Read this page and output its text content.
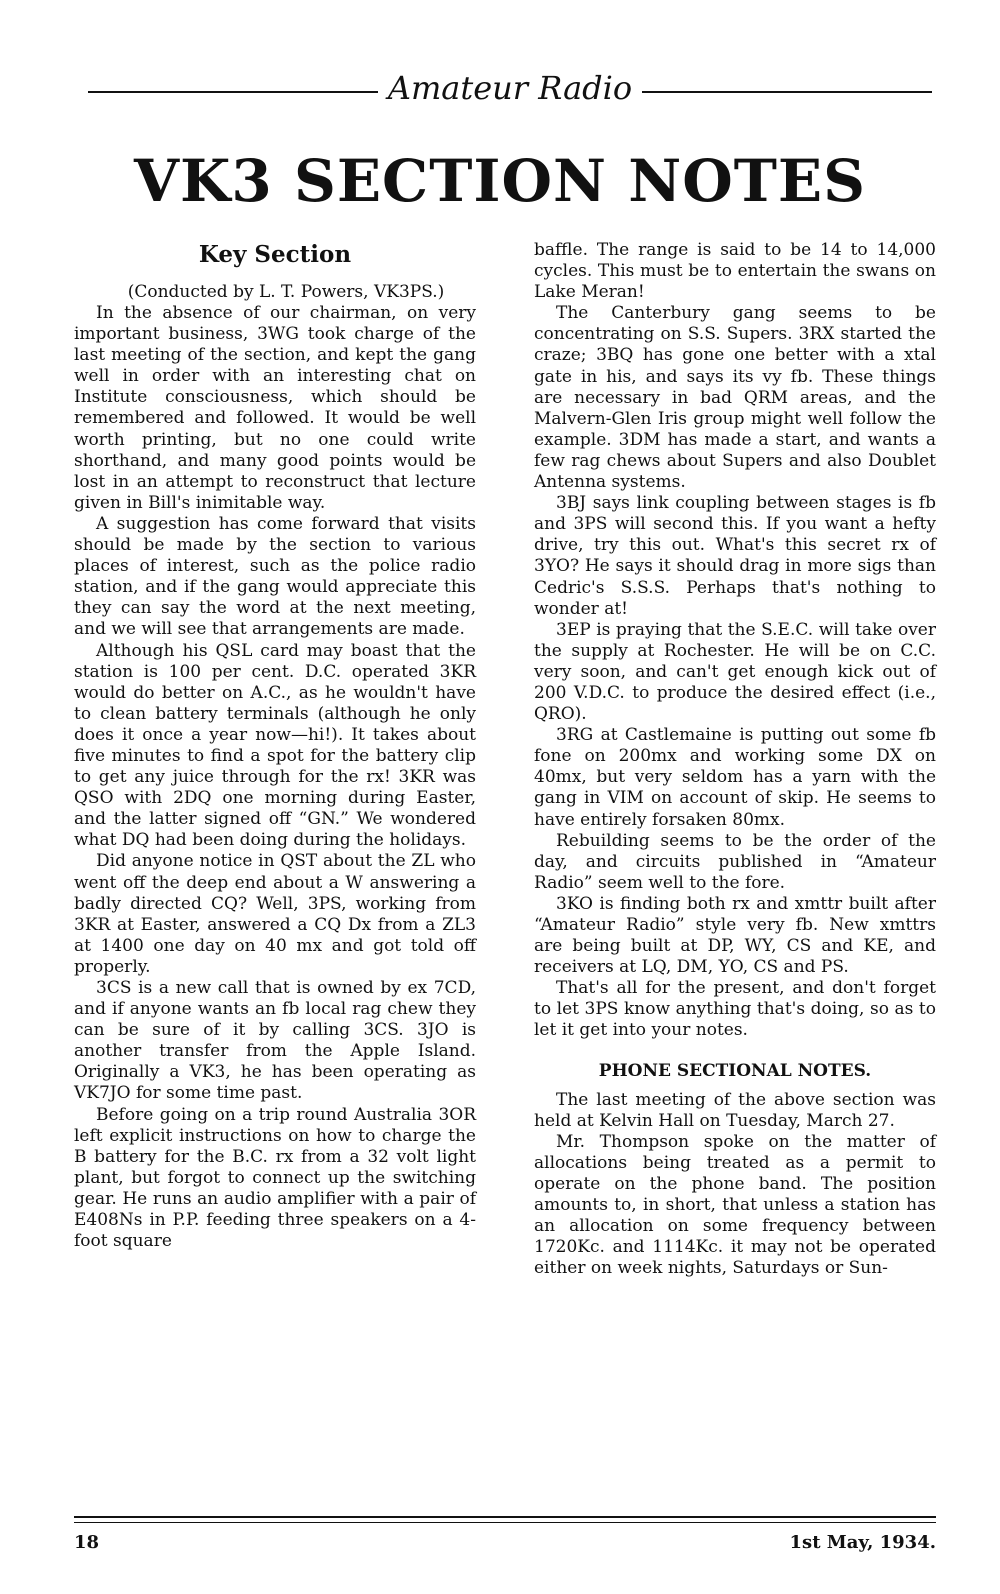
Amateur Radio
VK3 SECTION NOTES
Key Section

(Conducted by L. T. Powers, VK3PS.)

In the absence of our chairman, on very important business, 3WG took charge of the last meeting of the section, and kept the gang well in order with an interesting chat on Institute consciousness, which should be remembered and followed. It would be well worth printing, but no one could write shorthand, and many good points would be lost in an attempt to reconstruct that lecture given in Bill's inimitable way.

A suggestion has come forward that visits should be made by the section to various places of interest, such as the police radio station, and if the gang would appreciate this they can say the word at the next meeting, and we will see that arrangements are made.

Although his QSL card may boast that the station is 100 per cent. D.C. operated 3KR would do better on A.C., as he wouldn't have to clean battery terminals (although he only does it once a year now—hi!). It takes about five minutes to find a spot for the battery clip to get any juice through for the rx! 3KR was QSO with 2DQ one morning during Easter, and the latter signed off “GN.” We wondered what DQ had been doing during the holidays.

Did anyone notice in QST about the ZL who went off the deep end about a W answering a badly directed CQ? Well, 3PS, working from 3KR at Easter, answered a CQ Dx from a ZL3 at 1400 one day on 40 mx and got told off properly.

3CS is a new call that is owned by ex 7CD, and if anyone wants an fb local rag chew they can be sure of it by calling 3CS. 3JO is another transfer from the Apple Island. Originally a VK3, he has been operating as VK7JO for some time past.

Before going on a trip round Australia 3OR left explicit instructions on how to charge the B battery for the B.C. rx from a 32 volt light plant, but forgot to connect up the switching gear. He runs an audio amplifier with a pair of E408Ns in P.P. feeding three speakers on a 4-foot square

baffle. The range is said to be 14 to 14,000 cycles. This must be to entertain the swans on Lake Meran!

The Canterbury gang seems to be concentrating on S.S. Supers. 3RX started the craze; 3BQ has gone one better with a xtal gate in his, and says its vy fb. These things are necessary in bad QRM areas, and the Malvern-Glen Iris group might well follow the example. 3DM has made a start, and wants a few rag chews about Supers and also Doublet Antenna systems.

3BJ says link coupling between stages is fb and 3PS will second this. If you want a hefty drive, try this out. What's this secret rx of 3YO? He says it should drag in more sigs than Cedric's S.S.S. Perhaps that's nothing to wonder at!

3EP is praying that the S.E.C. will take over the supply at Rochester. He will be on C.C. very soon, and can't get enough kick out of 200 V.D.C. to produce the desired effect (i.e., QRO).

3RG at Castlemaine is putting out some fb fone on 200mx and working some DX on 40mx, but very seldom has a yarn with the gang in VIM on account of skip. He seems to have entirely forsaken 80mx.

Rebuilding seems to be the order of the day, and circuits published in “Amateur Radio” seem well to the fore.

3KO is finding both rx and xmttr built after “Amateur Radio” style very fb. New xmttrs are being built at DP, WY, CS and KE, and receivers at LQ, DM, YO, CS and PS.

That's all for the present, and don't forget to let 3PS know anything that's doing, so as to let it get into your notes.

PHONE SECTIONAL NOTES.

The last meeting of the above section was held at Kelvin Hall on Tuesday, March 27.

Mr. Thompson spoke on the matter of allocations being treated as a permit to operate on the phone band. The position amounts to, in short, that unless a station has an allocation on some frequency between 1720Kc. and 1114Kc. it may not be operated either on week nights, Saturdays or Sun-

18	1st May, 1934.
